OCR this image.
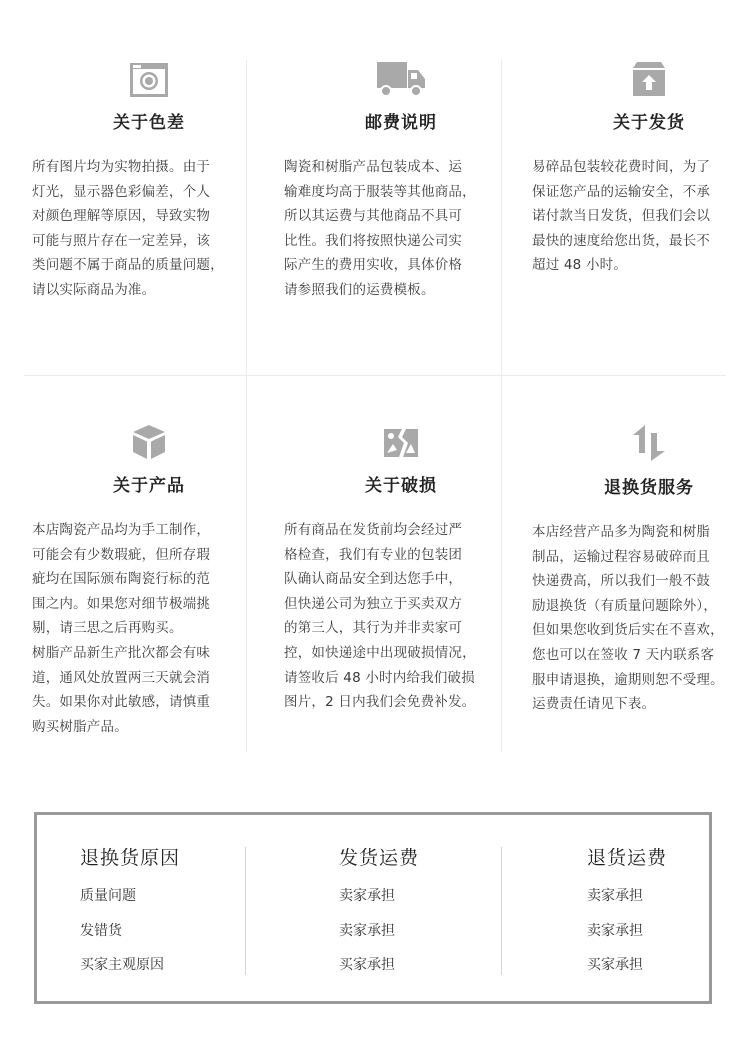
关于色差
所有图片均为实物拍摄。由于
灯光，显示器色彩偏差，个人
对颜色理解等原因，导致实物
可能与照片存在一定差异，该
类问题不属于商品的质量问题，
请以实际商品为准。
邮费说明
陶瓷和树脂产品包装成本、运
输难度均高于服装等其他商品，
所以其运费与其他商品不具可
比性。我们将按照快递公司实
际产生的费用实收，具体价格
请参照我们的运费模板。
关于发货
易碎品包装较花费时间，为了
保证您产品的运输安全，不承
诺付款当日发货，但我们会以
最快的速度给您出货，最长不
超过 48 小时。
关于产品
本店陶瓷产品均为手工制作，
可能会有少数瑕疵，但所存瑕
疵均在国际颁布陶瓷行标的范
围之内。如果您对细节极端挑
剔，请三思之后再购买。
树脂产品新生产批次都会有味
道，通风处放置两三天就会消
失。如果你对此敏感，请慎重
购买树脂产品。
关于破损
所有商品在发货前均会经过严
格检查，我们有专业的包装团
队确认商品安全到达您手中，
但快递公司为独立于买卖双方
的第三人，其行为并非卖家可
控，如快递途中出现破损情况，
请签收后 48 小时内给我们破损
图片，2 日内我们会免费补发。
退换货服务
本店经营产品多为陶瓷和树脂
制品，运输过程容易破碎而且
快递费高，所以我们一般不鼓
励退换货（有质量问题除外），
但如果您收到货后实在不喜欢，
您也可以在签收 7 天内联系客
服申请退换，逾期则恕不受理。
运费责任请见下表。
退换货原因
质量问题
发错货
买家主观原因
发货运费
卖家承担
卖家承担
买家承担
退货运费
卖家承担
卖家承担
买家承担
